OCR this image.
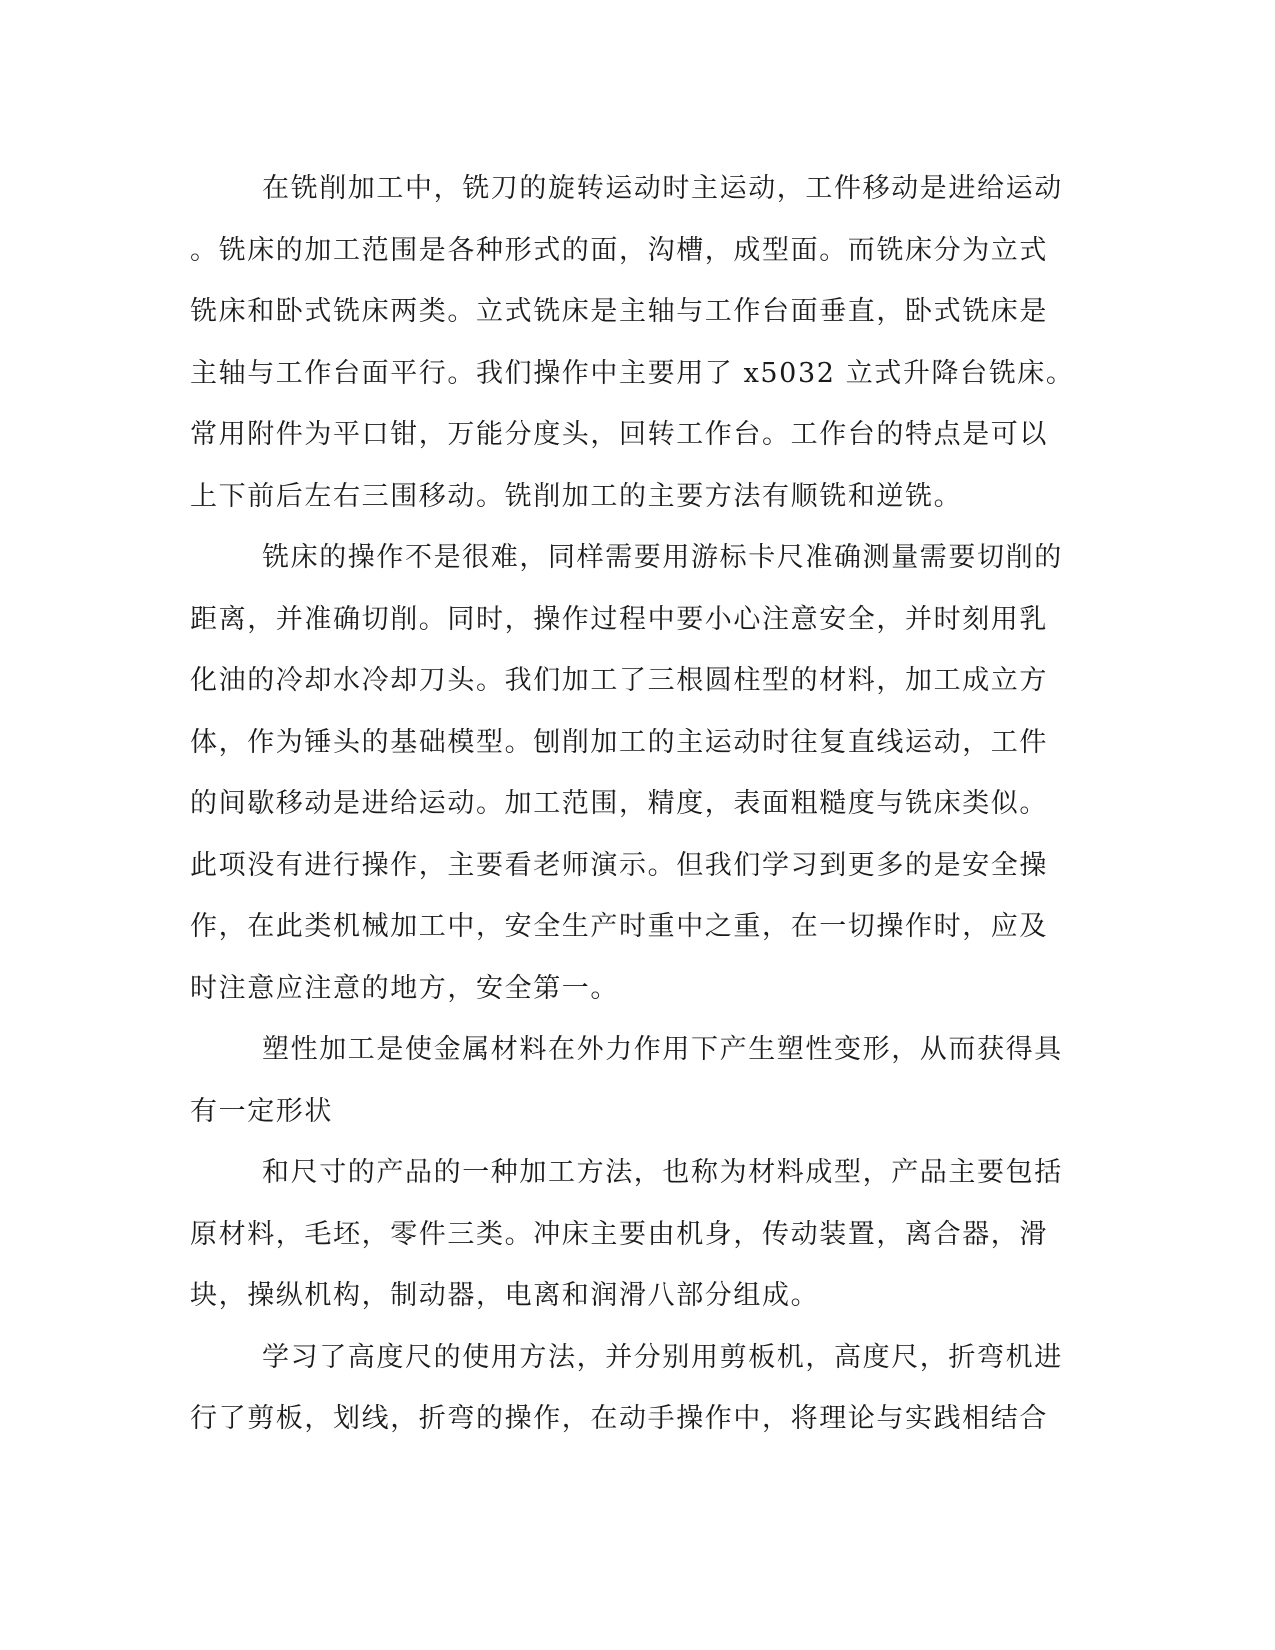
在铣削加工中，铣刀的旋转运动时主运动，工件移动是进给运动
。铣床的加工范围是各种形式的面，沟槽，成型面。而铣床分为立式
铣床和卧式铣床两类。立式铣床是主轴与工作台面垂直，卧式铣床是
主轴与工作台面平行。我们操作中主要用了 x5032 立式升降台铣床。
常用附件为平口钳，万能分度头，回转工作台。工作台的特点是可以
上下前后左右三围移动。铣削加工的主要方法有顺铣和逆铣。
铣床的操作不是很难，同样需要用游标卡尺准确测量需要切削的
距离，并准确切削。同时，操作过程中要小心注意安全，并时刻用乳
化油的冷却水冷却刀头。我们加工了三根圆柱型的材料，加工成立方
体，作为锤头的基础模型。刨削加工的主运动时往复直线运动，工件
的间歇移动是进给运动。加工范围，精度，表面粗糙度与铣床类似。
此项没有进行操作，主要看老师演示。但我们学习到更多的是安全操
作，在此类机械加工中，安全生产时重中之重，在一切操作时，应及
时注意应注意的地方，安全第一。
塑性加工是使金属材料在外力作用下产生塑性变形，从而获得具
有一定形状
和尺寸的产品的一种加工方法，也称为材料成型，产品主要包括
原材料，毛坯，零件三类。冲床主要由机身，传动装置，离合器，滑
块，操纵机构，制动器，电离和润滑八部分组成。
学习了高度尺的使用方法，并分别用剪板机，高度尺，折弯机进
行了剪板，划线，折弯的操作，在动手操作中，将理论与实践相结合
